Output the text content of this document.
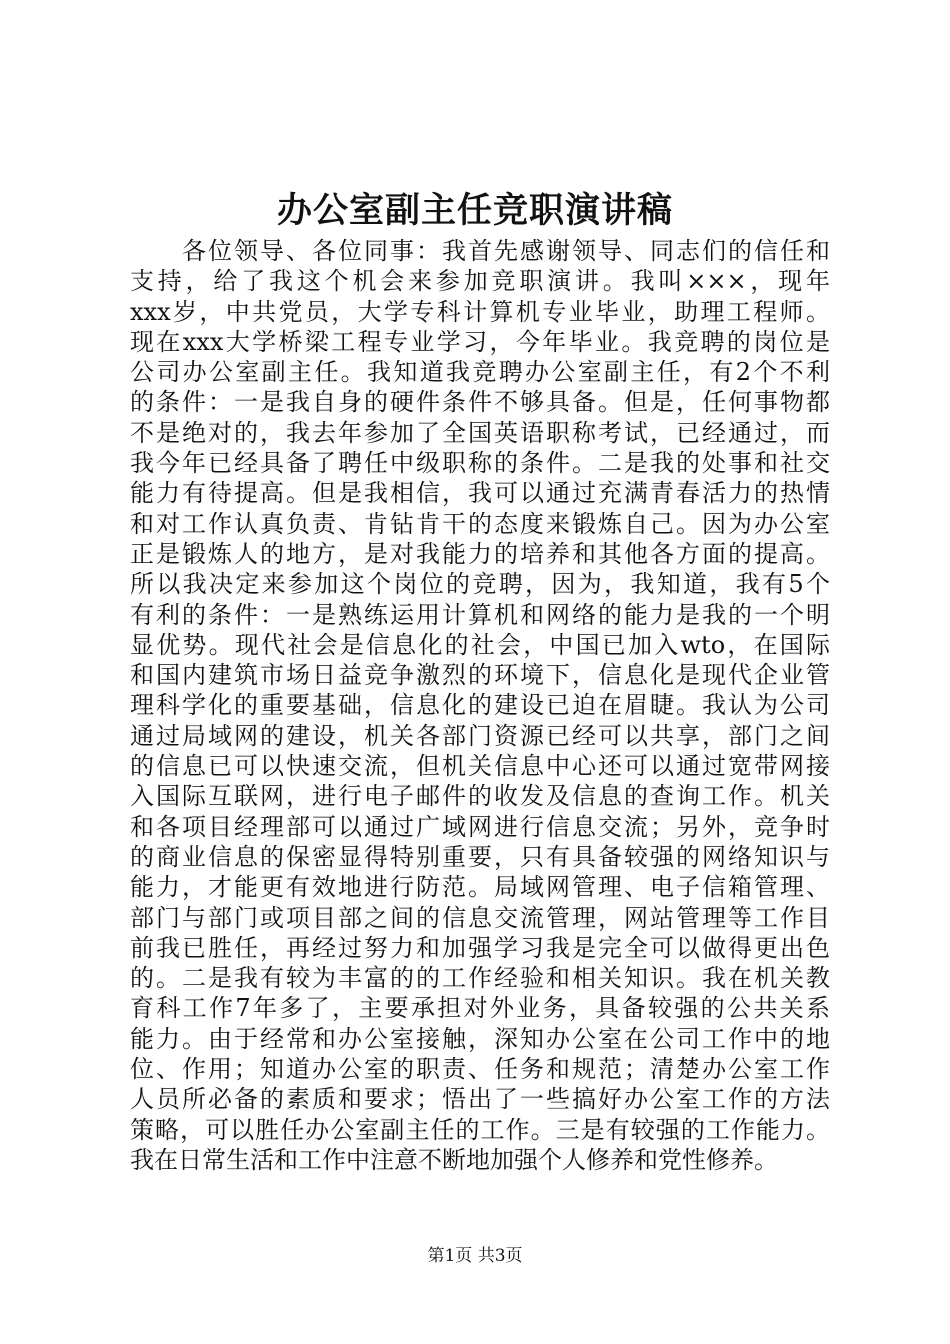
办公室副主任竞职演讲稿
各位领导、各位同事：我首先感谢领导、同志们的信任和
支持，给了我这个机会来参加竞职演讲。我叫×××，现年
xxx岁，中共党员，大学专科计算机专业毕业，助理工程师。
现在xxx大学桥梁工程专业学习，今年毕业。我竞聘的岗位是
公司办公室副主任。我知道我竞聘办公室副主任，有2个不利
的条件：一是我自身的硬件条件不够具备。但是，任何事物都
不是绝对的，我去年参加了全国英语职称考试，已经通过，而
我今年已经具备了聘任中级职称的条件。二是我的处事和社交
能力有待提高。但是我相信，我可以通过充满青春活力的热情
和对工作认真负责、肯钻肯干的态度来锻炼自己。因为办公室
正是锻炼人的地方，是对我能力的培养和其他各方面的提高。
所以我决定来参加这个岗位的竞聘，因为，我知道，我有5个
有利的条件：一是熟练运用计算机和网络的能力是我的一个明
显优势。现代社会是信息化的社会，中国已加入wto，在国际
和国内建筑市场日益竞争激烈的环境下，信息化是现代企业管
理科学化的重要基础，信息化的建设已迫在眉睫。我认为公司
通过局域网的建设，机关各部门资源已经可以共享，部门之间
的信息已可以快速交流，但机关信息中心还可以通过宽带网接
入国际互联网，进行电子邮件的收发及信息的查询工作。机关
和各项目经理部可以通过广域网进行信息交流；另外，竞争时
的商业信息的保密显得特别重要，只有具备较强的网络知识与
能力，才能更有效地进行防范。局域网管理、电子信箱管理、
部门与部门或项目部之间的信息交流管理，网站管理等工作目
前我已胜任，再经过努力和加强学习我是完全可以做得更出色
的。二是我有较为丰富的的工作经验和相关知识。我在机关教
育科工作7年多了，主要承担对外业务，具备较强的公共关系
能力。由于经常和办公室接触，深知办公室在公司工作中的地
位、作用；知道办公室的职责、任务和规范；清楚办公室工作
人员所必备的素质和要求；悟出了一些搞好办公室工作的方法
策略，可以胜任办公室副主任的工作。三是有较强的工作能力。
我在日常生活和工作中注意不断地加强个人修养和党性修养。
第1页 共3页
